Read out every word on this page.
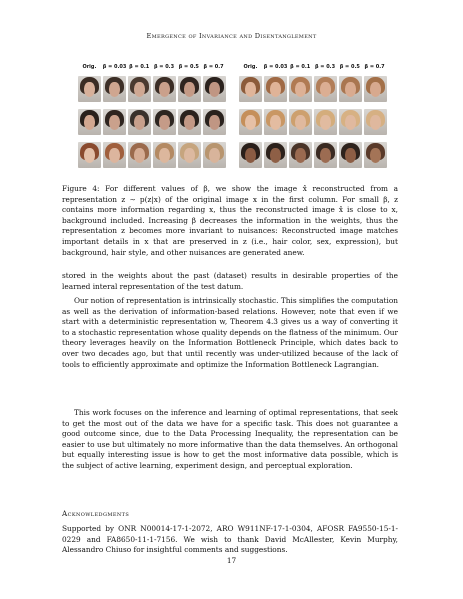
Emergence of Invariance and Disentanglement
Orig.	β = 0.03 β = 0.1 β = 0.3 β = 0.5 β = 0.7	Orig.	β = 0.03 β = 0.1 β = 0.3 β = 0.5 β = 0.7
Figure 4: For different values of β, we show the image x̂ reconstructed from a representation z ∼ p(z|x) of the original image x in the first column. For small β, z contains more information regarding x, thus the reconstructed image x̂ is close to x, background included. Increasing β decreases the information in the weights, thus the representation z becomes more invariant to nuisances: Reconstructed image matches important details in x that are preserved in z (i.e., hair color, sex, expression), but background, hair style, and other nuisances are generated anew.

stored in the weights about the past (dataset) results in desirable properties of the learned interal representation of the test datum.

Our notion of representation is intrinsically stochastic. This simplifies the computation as well as the derivation of information-based relations. However, note that even if we start with a deterministic representation w, Theorem 4.3 gives us a way of converting it to a stochastic representation whose quality depends on the flatness of the minimum. Our theory leverages heavily on the Information Bottleneck Principle, which dates back to over two decades ago, but that until recently was under-utilized because of the lack of tools to efficiently approximate and optimize the Information Bottleneck Lagrangian.

This work focuses on the inference and learning of optimal representations, that seek to get the most out of the data we have for a specific task. This does not guarantee a good outcome since, due to the Data Processing Inequality, the representation can be easier to use but ultimately no more informative than the data themselves. An orthogonal but equally interesting issue is how to get the most informative data possible, which is the subject of active learning, experiment design, and perceptual exploration.

Acknowledgments

Supported by ONR N00014-17-1-2072, ARO W911NF-17-1-0304, AFOSR FA9550-15-1-0229 and FA8650-11-1-7156. We wish to thank David McAllester, Kevin Murphy, Alessandro Chiuso for insightful comments and suggestions.

17
